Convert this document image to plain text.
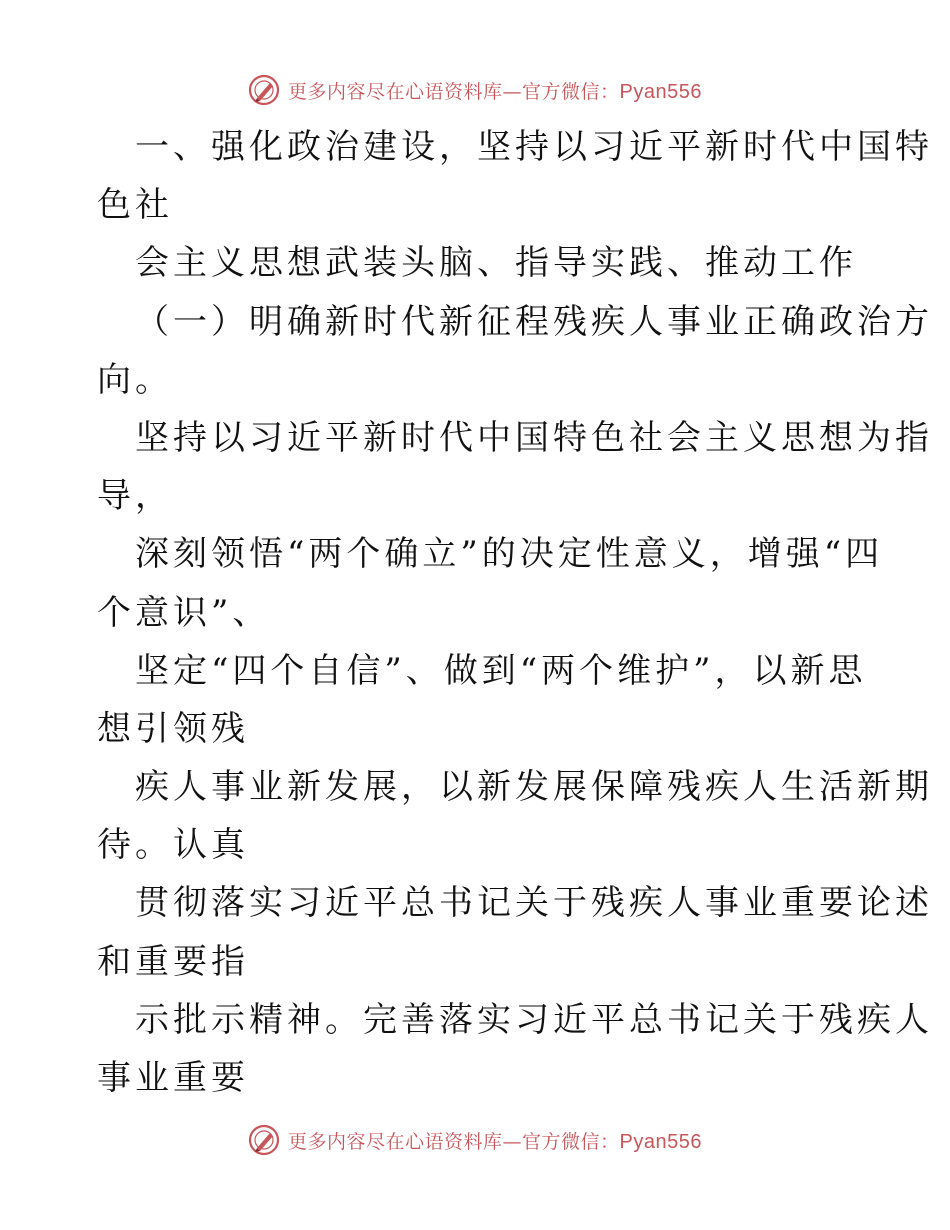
更多内容尽在心语资料库—官方微信：Pyan556
一、强化政治建设，坚持以习近平新时代中国特
色社
会主义思想武装头脑、指导实践、推动工作
（一）明确新时代新征程残疾人事业正确政治方
向。
坚持以习近平新时代中国特色社会主义思想为指
导，
深刻领悟“两个确立”的决定性意义，增强“四
个意识”、
坚定“四个自信”、做到“两个维护”，以新思
想引领残
疾人事业新发展，以新发展保障残疾人生活新期
待。认真
贯彻落实习近平总书记关于残疾人事业重要论述
和重要指
示批示精神。完善落实习近平总书记关于残疾人
事业重要
更多内容尽在心语资料库—官方微信：Pyan556
